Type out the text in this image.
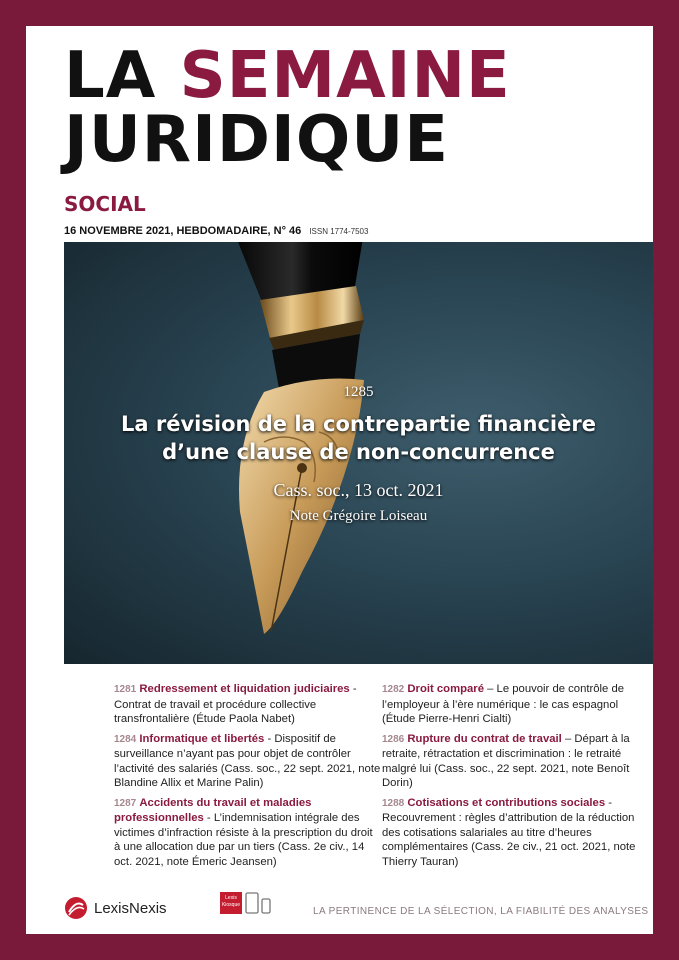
LA SEMAINE
JURIDIQUE
SOCIAL
16 NOVEMBRE 2021, HEBDOMADAIRE, N° 46 ISSN 1774-7503
1285
La révision de la contrepartie financière
d’une clause de non-concurrence
Cass. soc., 13 oct. 2021
Note Grégoire Loiseau
1281 Redressement et liquidation judiciaires - Contrat de travail et procédure collective transfrontalière (Étude Paola Nabet)
1284 Informatique et libertés - Dispositif de surveillance n’ayant pas pour objet de contrôler l’activité des salariés (Cass. soc., 22 sept. 2021, note Blandine Allix et Marine Palin)
1287 Accidents du travail et maladies professionnelles - L’indemnisation intégrale des victimes d’infraction résiste à la prescription du droit à une allocation due par un tiers (Cass. 2e civ., 14 oct. 2021, note Émeric Jeansen)
1282 Droit comparé – Le pouvoir de contrôle de l’employeur à l’ère numérique : le cas espagnol (Étude Pierre-Henri Cialti)
1286 Rupture du contrat de travail – Départ à la retraite, rétractation et discrimination : le retraité malgré lui (Cass. soc., 22 sept. 2021, note Benoît Dorin)
1288 Cotisations et contributions sociales - Recouvrement : règles d’attribution de la réduction des cotisations salariales au titre d’heures complémentaires (Cass. 2e civ., 21 oct. 2021, note Thierry Tauran)
LexisNexis
Lexis
Kiosque
LA PERTINENCE DE LA SÉLECTION, LA FIABILITÉ DES ANALYSES
